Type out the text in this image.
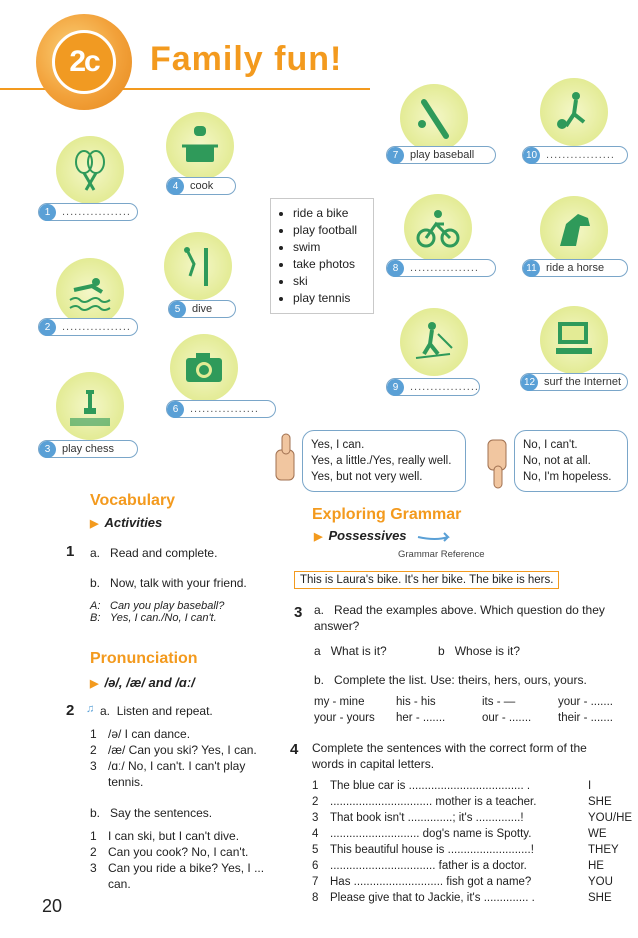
2c	Family fun!
1	.................
2	.................
3	play chess
4	cook
5	dive
6	.................
7	play baseball
8	.................
9	.................
10 .................
11 ride a horse
12 surf the Internet
• ride a bike
• play football
• swim
• take photos
• ski
• play tennis
Yes, I can.
Yes, a little./Yes, really well.
Yes, but not very well.
No, I can't.
No, not at all.
No, I'm hopeless.
Vocabulary
▶ Activities
1 a. Read and complete.
b. Now, talk with your friend.
A: Can you play baseball?
B: Yes, I can./No, I can't.
Pronunciation
▶ /ə/, /æ/ and /ɑː/
2 ♫ a. Listen and repeat.
1 /ə/ I can dance.
2 /æ/ Can you ski? Yes, I can.
3 /ɑː/ No, I can't. I can't play tennis.
b. Say the sentences.
1 I can ski, but I can't dive.
2 Can you cook? No, I can't.
3 Can you ride a bike? Yes, I ... can.
20
Exploring Grammar
▶ Possessives
Grammar Reference
This is Laura's bike. It's her bike. The bike is hers.
3 a. Read the examples above. Which question do they answer?
a What is it?	b Whose is it?
b. Complete the list. Use: theirs, hers, ours, yours.
my - mine	his - his	its - —	your - .......
your - yours	her - .......	our - .......	their - .......
4 Complete the sentences with the correct form of the words in capital letters.
1	The blue car is .................................... .	I
2	................................ mother is a teacher.	SHE
3	That book isn't ..............; it's ..............!	YOU/HE
4	............................ dog's name is Spotty.	WE
5	This beautiful house is ..........................!	THEY
6	................................. father is a doctor.	HE
7	Has ............................ fish got a name?	YOU
8	Please give that to Jackie, it's .............. .	SHE
